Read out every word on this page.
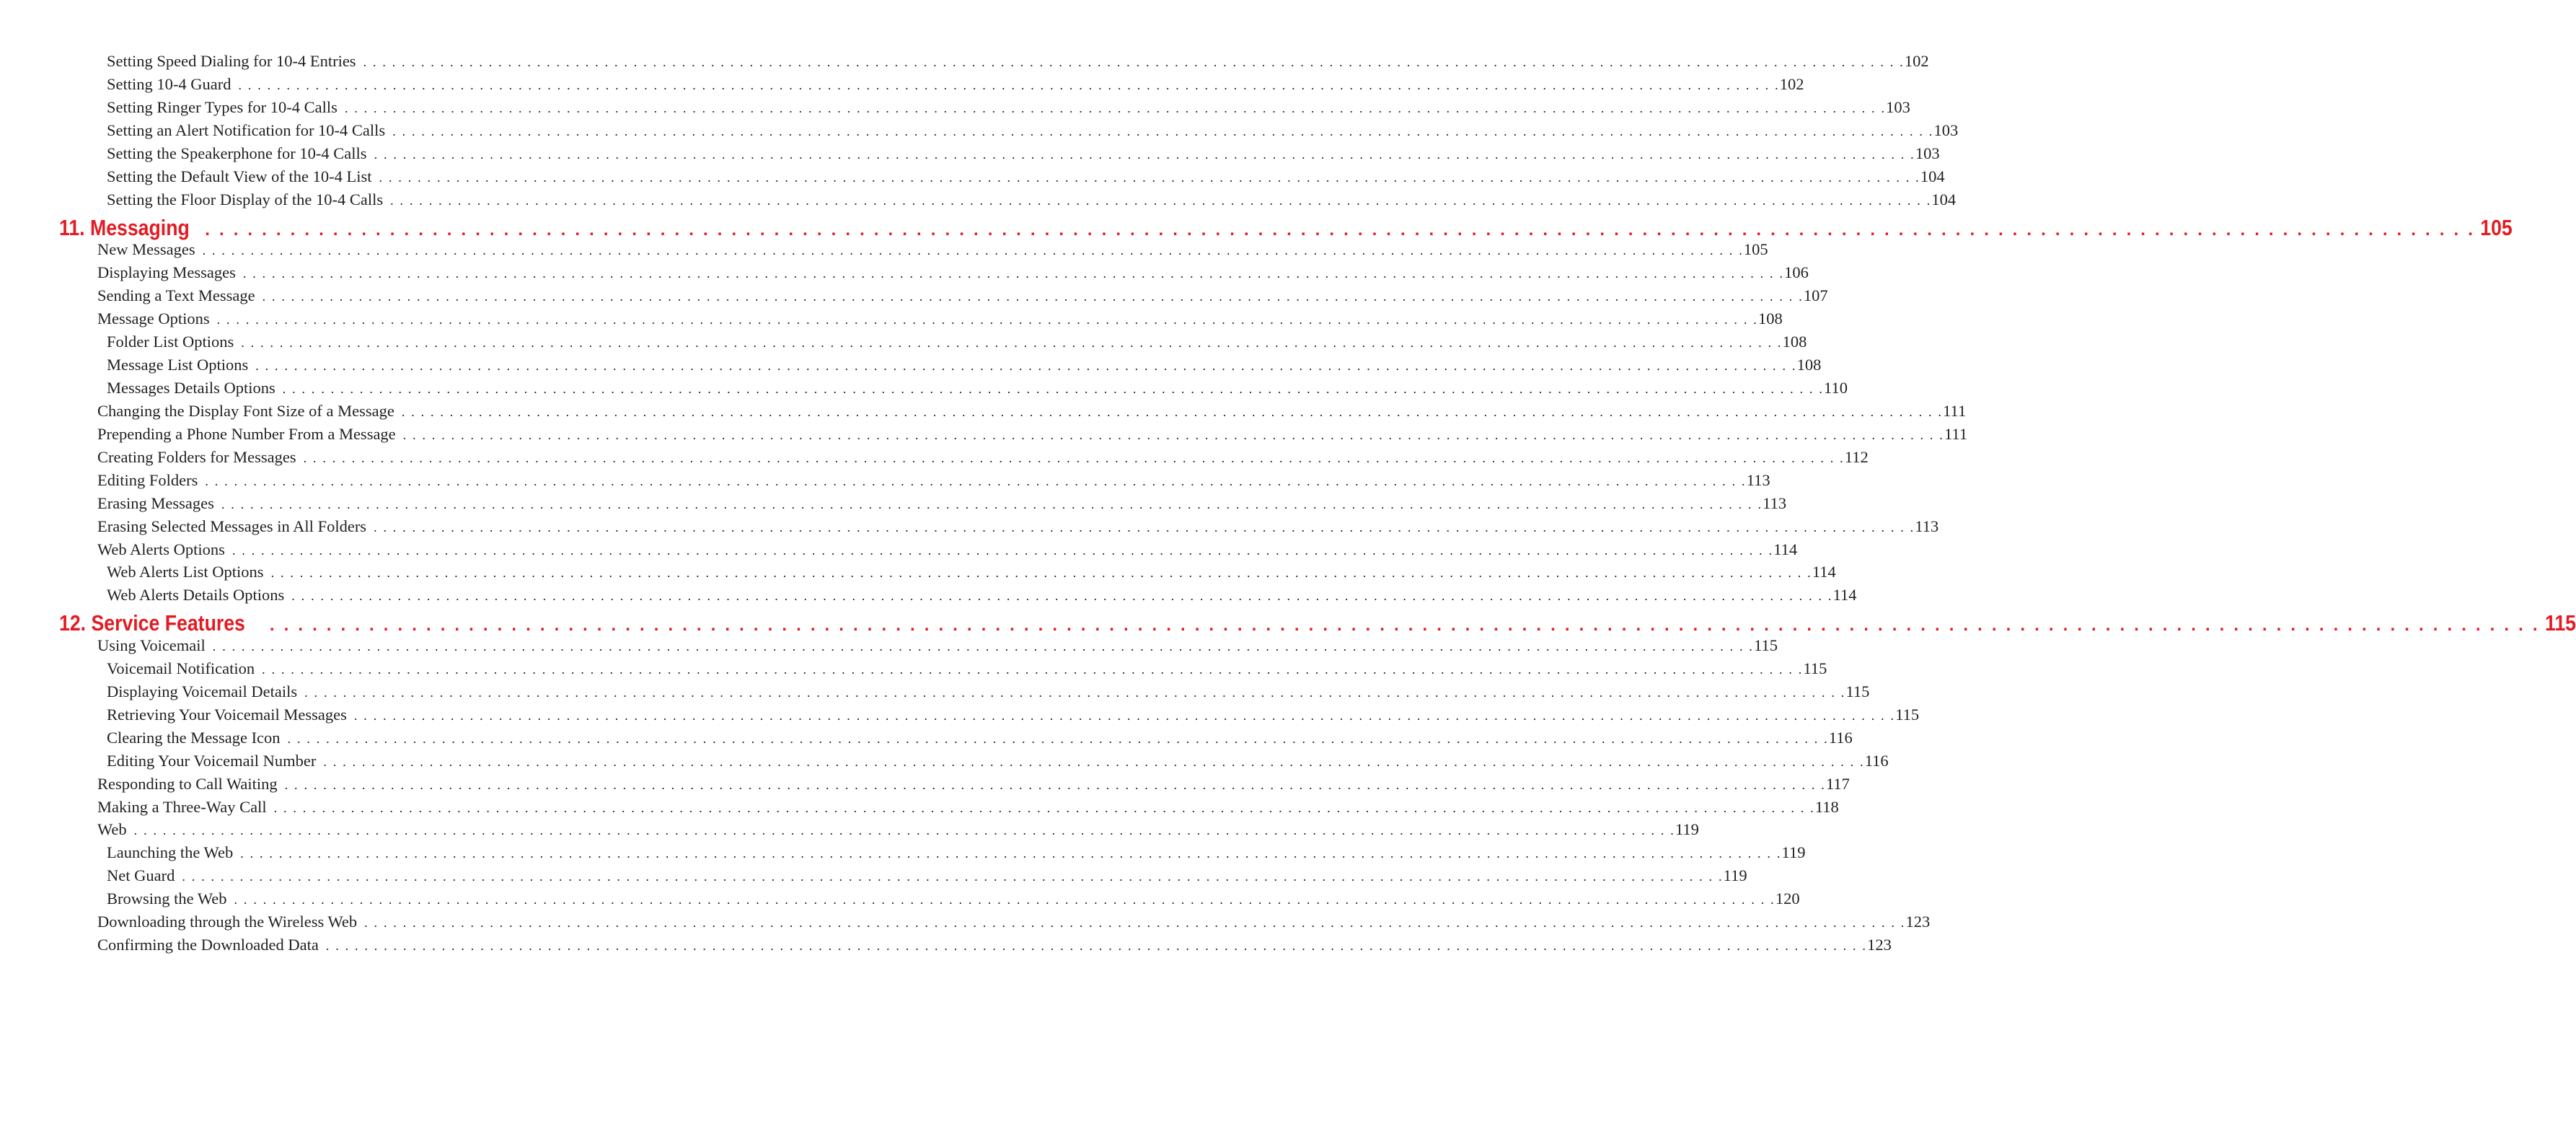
Setting Speed Dialing for 10-4 Entries . . . . . . . . . . . . . . . . . . . . . . . . . . . . . . . . . . . . . . . . . . . . . . . . . . . . . . . . . . . . . . . . . . . . . . . . . . . . . . . . . . . . . . . . . . . . . . . . . . . . . . . . . . . . . . . . . . . . . . . . . . . . . . . . . . . . . . . . . . . . . . . . . . . . . . . . . . . . . . . . 102
Setting 10-4 Guard . . . . . . . . . . . . . . . . . . . . . . . . . . . . . . . . . . . . . . . . . . . . . . . . . . . . . . . . . . . . . . . . . . . . . . . . . . . . . . . . . . . . . . . . . . . . . . . . . . . . . . . . . . . . . . . . . . . . . . . . . . . . . . . . . . . . . . . . . . . . . . . . . . . . . . . . . . . . . . . . 102
Setting Ringer Types for 10-4 Calls . . . . . . . . . . . . . . . . . . . . . . . . . . . . . . . . . . . . . . . . . . . . . . . . . . . . . . . . . . . . . . . . . . . . . . . . . . . . . . . . . . . . . . . . . . . . . . . . . . . . . . . . . . . . . . . . . . . . . . . . . . . . . . . . . . . . . . . . . . . . . . . . . . . . . . . . . . . . . . . . 103
Setting an Alert Notification for 10-4 Calls . . . . . . . . . . . . . . . . . . . . . . . . . . . . . . . . . . . . . . . . . . . . . . . . . . . . . . . . . . . . . . . . . . . . . . . . . . . . . . . . . . . . . . . . . . . . . . . . . . . . . . . . . . . . . . . . . . . . . . . . . . . . . . . . . . . . . . . . . . . . . . . . . . . . . . . . . . . . . . . . 103
Setting the Speakerphone for 10-4 Calls . . . . . . . . . . . . . . . . . . . . . . . . . . . . . . . . . . . . . . . . . . . . . . . . . . . . . . . . . . . . . . . . . . . . . . . . . . . . . . . . . . . . . . . . . . . . . . . . . . . . . . . . . . . . . . . . . . . . . . . . . . . . . . . . . . . . . . . . . . . . . . . . . . . . . . . . . . . . . . . . 103
Setting the Default View of the 10-4 List . . . . . . . . . . . . . . . . . . . . . . . . . . . . . . . . . . . . . . . . . . . . . . . . . . . . . . . . . . . . . . . . . . . . . . . . . . . . . . . . . . . . . . . . . . . . . . . . . . . . . . . . . . . . . . . . . . . . . . . . . . . . . . . . . . . . . . . . . . . . . . . . . . . . . . . . . . . . . . . . 104
Setting the Floor Display of the 10-4 Calls . . . . . . . . . . . . . . . . . . . . . . . . . . . . . . . . . . . . . . . . . . . . . . . . . . . . . . . . . . . . . . . . . . . . . . . . . . . . . . . . . . . . . . . . . . . . . . . . . . . . . . . . . . . . . . . . . . . . . . . . . . . . . . . . . . . . . . . . . . . . . . . . . . . . . . . . . . . . . . . . 104
11. Messaging . . . . . . . . . . . . . . . . . . . . . . . . . . . . . . . . . . . . . . . . . . . . . . . . . . . . . . . . . . . . . . . . . . . . . . . . . . . . . . . . . . . . . . . . . . . . . . . . . . . . . . . . . . . . . . . . . . . . . . . . . . . . . . . . . . . . . . . . . . . . . . . . . . . . . . . . . . . . . . . . 105
New Messages . . . . . . . . . . . . . . . . . . . . . . . . . . . . . . . . . . . . . . . . . . . . . . . . . . . . . . . . . . . . . . . . . . . . . . . . . . . . . . . . . . . . . . . . . . . . . . . . . . . . . . . . . . . . . . . . . . . . . . . . . . . . . . . . . . . . . . . . . . . . . . . . . . . . . . . . . . . . . . . . 105
Displaying Messages . . . . . . . . . . . . . . . . . . . . . . . . . . . . . . . . . . . . . . . . . . . . . . . . . . . . . . . . . . . . . . . . . . . . . . . . . . . . . . . . . . . . . . . . . . . . . . . . . . . . . . . . . . . . . . . . . . . . . . . . . . . . . . . . . . . . . . . . . . . . . . . . . . . . . . . . . . . . . . . . 106
Sending a Text Message . . . . . . . . . . . . . . . . . . . . . . . . . . . . . . . . . . . . . . . . . . . . . . . . . . . . . . . . . . . . . . . . . . . . . . . . . . . . . . . . . . . . . . . . . . . . . . . . . . . . . . . . . . . . . . . . . . . . . . . . . . . . . . . . . . . . . . . . . . . . . . . . . . . . . . . . . . . . . . . . 107
Message Options . . . . . . . . . . . . . . . . . . . . . . . . . . . . . . . . . . . . . . . . . . . . . . . . . . . . . . . . . . . . . . . . . . . . . . . . . . . . . . . . . . . . . . . . . . . . . . . . . . . . . . . . . . . . . . . . . . . . . . . . . . . . . . . . . . . . . . . . . . . . . . . . . . . . . . . . . . . . . . . . 108
Folder List Options . . . . . . . . . . . . . . . . . . . . . . . . . . . . . . . . . . . . . . . . . . . . . . . . . . . . . . . . . . . . . . . . . . . . . . . . . . . . . . . . . . . . . . . . . . . . . . . . . . . . . . . . . . . . . . . . . . . . . . . . . . . . . . . . . . . . . . . . . . . . . . . . . . . . . . . . . . . . . . . . 108
Message List Options . . . . . . . . . . . . . . . . . . . . . . . . . . . . . . . . . . . . . . . . . . . . . . . . . . . . . . . . . . . . . . . . . . . . . . . . . . . . . . . . . . . . . . . . . . . . . . . . . . . . . . . . . . . . . . . . . . . . . . . . . . . . . . . . . . . . . . . . . . . . . . . . . . . . . . . . . . . . . . . . 108
Messages Details Options . . . . . . . . . . . . . . . . . . . . . . . . . . . . . . . . . . . . . . . . . . . . . . . . . . . . . . . . . . . . . . . . . . . . . . . . . . . . . . . . . . . . . . . . . . . . . . . . . . . . . . . . . . . . . . . . . . . . . . . . . . . . . . . . . . . . . . . . . . . . . . . . . . . . . . . . . . . . . . . . 110
Changing the Display Font Size of a Message . . . . . . . . . . . . . . . . . . . . . . . . . . . . . . . . . . . . . . . . . . . . . . . . . . . . . . . . . . . . . . . . . . . . . . . . . . . . . . . . . . . . . . . . . . . . . . . . . . . . . . . . . . . . . . . . . . . . . . . . . . . . . . . . . . . . . . . . . . . . . . . . . . . . . . . . . . . . . . . . 111
Prepending a Phone Number From a Message . . . . . . . . . . . . . . . . . . . . . . . . . . . . . . . . . . . . . . . . . . . . . . . . . . . . . . . . . . . . . . . . . . . . . . . . . . . . . . . . . . . . . . . . . . . . . . . . . . . . . . . . . . . . . . . . . . . . . . . . . . . . . . . . . . . . . . . . . . . . . . . . . . . . . . . . . . . . . . . . 111
Creating Folders for Messages . . . . . . . . . . . . . . . . . . . . . . . . . . . . . . . . . . . . . . . . . . . . . . . . . . . . . . . . . . . . . . . . . . . . . . . . . . . . . . . . . . . . . . . . . . . . . . . . . . . . . . . . . . . . . . . . . . . . . . . . . . . . . . . . . . . . . . . . . . . . . . . . . . . . . . . . . . . . . . . . 112
Editing Folders . . . . . . . . . . . . . . . . . . . . . . . . . . . . . . . . . . . . . . . . . . . . . . . . . . . . . . . . . . . . . . . . . . . . . . . . . . . . . . . . . . . . . . . . . . . . . . . . . . . . . . . . . . . . . . . . . . . . . . . . . . . . . . . . . . . . . . . . . . . . . . . . . . . . . . . . . . . . . . . . 113
Erasing Messages . . . . . . . . . . . . . . . . . . . . . . . . . . . . . . . . . . . . . . . . . . . . . . . . . . . . . . . . . . . . . . . . . . . . . . . . . . . . . . . . . . . . . . . . . . . . . . . . . . . . . . . . . . . . . . . . . . . . . . . . . . . . . . . . . . . . . . . . . . . . . . . . . . . . . . . . . . . . . . . . 113
Erasing Selected Messages in All Folders . . . . . . . . . . . . . . . . . . . . . . . . . . . . . . . . . . . . . . . . . . . . . . . . . . . . . . . . . . . . . . . . . . . . . . . . . . . . . . . . . . . . . . . . . . . . . . . . . . . . . . . . . . . . . . . . . . . . . . . . . . . . . . . . . . . . . . . . . . . . . . . . . . . . . . . . . . . . . . . . 113
Web Alerts Options . . . . . . . . . . . . . . . . . . . . . . . . . . . . . . . . . . . . . . . . . . . . . . . . . . . . . . . . . . . . . . . . . . . . . . . . . . . . . . . . . . . . . . . . . . . . . . . . . . . . . . . . . . . . . . . . . . . . . . . . . . . . . . . . . . . . . . . . . . . . . . . . . . . . . . . . . . . . . . . . 114
Web Alerts List Options . . . . . . . . . . . . . . . . . . . . . . . . . . . . . . . . . . . . . . . . . . . . . . . . . . . . . . . . . . . . . . . . . . . . . . . . . . . . . . . . . . . . . . . . . . . . . . . . . . . . . . . . . . . . . . . . . . . . . . . . . . . . . . . . . . . . . . . . . . . . . . . . . . . . . . . . . . . . . . . . 114
Web Alerts Details Options . . . . . . . . . . . . . . . . . . . . . . . . . . . . . . . . . . . . . . . . . . . . . . . . . . . . . . . . . . . . . . . . . . . . . . . . . . . . . . . . . . . . . . . . . . . . . . . . . . . . . . . . . . . . . . . . . . . . . . . . . . . . . . . . . . . . . . . . . . . . . . . . . . . . . . . . . . . . . . . . 114
12. Service Features	. . . . . . . . . . . . . . . . . . . . . . . . . . . . . . . . . . . . . . . . . . . . . . . . . . . . . . . . . . . . . . . . . . . . . . . . . . . . . . . . . . . . . . . . . . . . . . . . . . . . . . . . . . . . . . . . . . . . . . . . . . . . . . . . . . . . . . . . . . . . . . . . . . . . . . . . . . . . . . . . 115
Using Voicemail . . . . . . . . . . . . . . . . . . . . . . . . . . . . . . . . . . . . . . . . . . . . . . . . . . . . . . . . . . . . . . . . . . . . . . . . . . . . . . . . . . . . . . . . . . . . . . . . . . . . . . . . . . . . . . . . . . . . . . . . . . . . . . . . . . . . . . . . . . . . . . . . . . . . . . . . . . . . . . . . 115
Voicemail Notification . . . . . . . . . . . . . . . . . . . . . . . . . . . . . . . . . . . . . . . . . . . . . . . . . . . . . . . . . . . . . . . . . . . . . . . . . . . . . . . . . . . . . . . . . . . . . . . . . . . . . . . . . . . . . . . . . . . . . . . . . . . . . . . . . . . . . . . . . . . . . . . . . . . . . . . . . . . . . . . . 115
Displaying Voicemail Details . . . . . . . . . . . . . . . . . . . . . . . . . . . . . . . . . . . . . . . . . . . . . . . . . . . . . . . . . . . . . . . . . . . . . . . . . . . . . . . . . . . . . . . . . . . . . . . . . . . . . . . . . . . . . . . . . . . . . . . . . . . . . . . . . . . . . . . . . . . . . . . . . . . . . . . . . . . . . . . . 115
Retrieving Your Voicemail Messages . . . . . . . . . . . . . . . . . . . . . . . . . . . . . . . . . . . . . . . . . . . . . . . . . . . . . . . . . . . . . . . . . . . . . . . . . . . . . . . . . . . . . . . . . . . . . . . . . . . . . . . . . . . . . . . . . . . . . . . . . . . . . . . . . . . . . . . . . . . . . . . . . . . . . . . . . . . . . . . . 115
Clearing the Message Icon . . . . . . . . . . . . . . . . . . . . . . . . . . . . . . . . . . . . . . . . . . . . . . . . . . . . . . . . . . . . . . . . . . . . . . . . . . . . . . . . . . . . . . . . . . . . . . . . . . . . . . . . . . . . . . . . . . . . . . . . . . . . . . . . . . . . . . . . . . . . . . . . . . . . . . . . . . . . . . . . 116
Editing Your Voicemail Number . . . . . . . . . . . . . . . . . . . . . . . . . . . . . . . . . . . . . . . . . . . . . . . . . . . . . . . . . . . . . . . . . . . . . . . . . . . . . . . . . . . . . . . . . . . . . . . . . . . . . . . . . . . . . . . . . . . . . . . . . . . . . . . . . . . . . . . . . . . . . . . . . . . . . . . . . . . . . . . . 116
Responding to Call Waiting . . . . . . . . . . . . . . . . . . . . . . . . . . . . . . . . . . . . . . . . . . . . . . . . . . . . . . . . . . . . . . . . . . . . . . . . . . . . . . . . . . . . . . . . . . . . . . . . . . . . . . . . . . . . . . . . . . . . . . . . . . . . . . . . . . . . . . . . . . . . . . . . . . . . . . . . . . . . . . . . 117
Making a Three-Way Call . . . . . . . . . . . . . . . . . . . . . . . . . . . . . . . . . . . . . . . . . . . . . . . . . . . . . . . . . . . . . . . . . . . . . . . . . . . . . . . . . . . . . . . . . . . . . . . . . . . . . . . . . . . . . . . . . . . . . . . . . . . . . . . . . . . . . . . . . . . . . . . . . . . . . . . . . . . . . . . . 118
Web . . . . . . . . . . . . . . . . . . . . . . . . . . . . . . . . . . . . . . . . . . . . . . . . . . . . . . . . . . . . . . . . . . . . . . . . . . . . . . . . . . . . . . . . . . . . . . . . . . . . . . . . . . . . . . . . . . . . . . . . . . . . . . . . . . . . . . . . . . . . . . . . . . . . . . . . . . . . . . . . 119
Launching the Web . . . . . . . . . . . . . . . . . . . . . . . . . . . . . . . . . . . . . . . . . . . . . . . . . . . . . . . . . . . . . . . . . . . . . . . . . . . . . . . . . . . . . . . . . . . . . . . . . . . . . . . . . . . . . . . . . . . . . . . . . . . . . . . . . . . . . . . . . . . . . . . . . . . . . . . . . . . . . . . . 119
Net Guard . . . . . . . . . . . . . . . . . . . . . . . . . . . . . . . . . . . . . . . . . . . . . . . . . . . . . . . . . . . . . . . . . . . . . . . . . . . . . . . . . . . . . . . . . . . . . . . . . . . . . . . . . . . . . . . . . . . . . . . . . . . . . . . . . . . . . . . . . . . . . . . . . . . . . . . . . . . . . . . . 119
Browsing the Web . . . . . . . . . . . . . . . . . . . . . . . . . . . . . . . . . . . . . . . . . . . . . . . . . . . . . . . . . . . . . . . . . . . . . . . . . . . . . . . . . . . . . . . . . . . . . . . . . . . . . . . . . . . . . . . . . . . . . . . . . . . . . . . . . . . . . . . . . . . . . . . . . . . . . . . . . . . . . . . . 120
Downloading through the Wireless Web . . . . . . . . . . . . . . . . . . . . . . . . . . . . . . . . . . . . . . . . . . . . . . . . . . . . . . . . . . . . . . . . . . . . . . . . . . . . . . . . . . . . . . . . . . . . . . . . . . . . . . . . . . . . . . . . . . . . . . . . . . . . . . . . . . . . . . . . . . . . . . . . . . . . . . . . . . . . . . . . 123
Confirming the Downloaded Data . . . . . . . . . . . . . . . . . . . . . . . . . . . . . . . . . . . . . . . . . . . . . . . . . . . . . . . . . . . . . . . . . . . . . . . . . . . . . . . . . . . . . . . . . . . . . . . . . . . . . . . . . . . . . . . . . . . . . . . . . . . . . . . . . . . . . . . . . . . . . . . . . . . . . . . . . . . . . . . . 123
